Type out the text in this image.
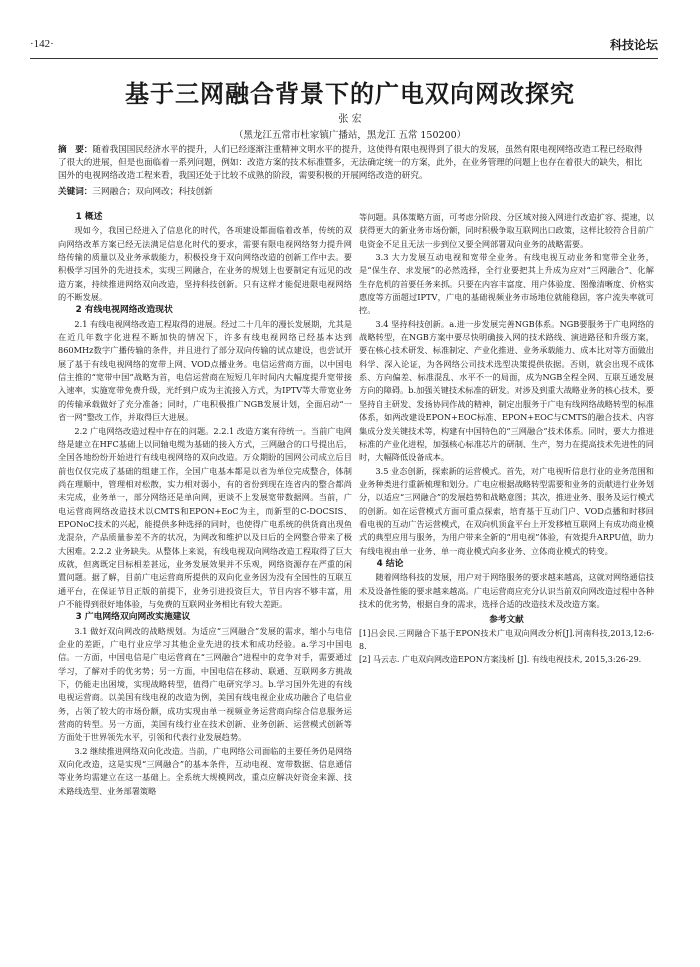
·142·	科技论坛
基于三网融合背景下的广电双向网改探究
张 宏
（黑龙江五常市杜家镇广播站，黑龙江 五常 150200）
摘　要：随着我国国民经济水平的提升，人们已经逐渐注重精神文明水平的提升，这使得有限电视得到了很大的发展，虽然有限电视网络改造工程已经取得了很大的进展，但是也面临着一系列问题，例如：改造方案的技术标准暨多，无法确定统一的方案，此外，在业务管理的问题上也存在着很大的缺失，相比国外的电视网络改造工程来看，我国还处于比较不成熟的阶段，需要积极的开展网络改造的研究。
关键词：三网融合；双向网改；科技创新
1 概述

现如今，我国已经进入了信息化的时代，各项建设都面临着改革，传统的双向网络改革方案已经无法满足信息化时代的要求，需要有限电视网络努力提升网络传输的质量以及业务承载能力，积极投身于双向网络改造的创新工作中去。要积极学习国外的先进技术，实现三网融合，在业务的规划上也要制定有远见的改造方案，持续推进网络双向改造，坚持科技创新。只有这样才能促进限电视网络的不断发展。

2 有线电视网络改造现状

2.1 有线电视网络改造工程取得的进展。经过二十几年的漫长发展期，尤其是在近几年数字化进程不断加快的情况下，许多有线电视网络已经基本达到860MHz数字广播传输的条件，并且进行了部分双向传输的试点建设，也尝试开展了基于有线电视网络的宽带上网、VOD点播业务。电信运营商方面，以中国电信主推的“宽带中国”战略为首，电信运营商在短短几年时间内大幅度提升宽带接入速率，实施宽带免费升级，光纤到户成为主流接入方式，为IPTV等大带宽业务的传输承载做好了充分准备；同时，广电积极推广NGB发展计划，全面启动“一省一网”整改工作，并取得巨大进展。

2.2 广电网络改造过程中存在的问题。2.2.1 改造方案有待统一。当前广电网络是建立在HFC基础上以同轴电缆为基础的接入方式，三网融合的口号提出后，全国各地纷纷开始进行有线电视网络的双向改造。万众期盼的国网公司成立后目前也仅仅完成了基础的组建工作，全国广电基本都是以省为单位完成整合，体制尚在理顺中，管理相对松散，实力相对弱小，有的省份到现在连省内的整合都尚未完成，业务单一，部分网络还是单向网，更谈不上发展宽带数据网。当前，广电运营商网络改造技术以CMTS和EPON+EoC为主，而新型的C-DOCSIS、EPONoC技术的兴起，能提供多种选择的同时，也使得广电系统的供货商出现鱼龙混杂，产品质量参差不齐的状况，为网改和维护以及日后的全网整合带来了极大困难。2.2.2 业务缺失。从整体上来说，有线电视双向网络改造工程取得了巨大成就，但离既定目标相差甚远，业务发展效果并不乐观，网络资源存在严重的闲置问题。据了解，目前广电运营商所提供的双向化业务因为没有全国性的互联互通平台，在保证节目正版的前提下，业务引进投资巨大，节目内容不够丰富，用户不能得到很好地体验，与免费的互联网业务相比有较大差距。

3 广电网络双向网改实施建议

3.1 做好双向网改的战略规划。为适应“三网融合”发展的需求，缩小与电信企业的差距，广电行业应学习其他企业先进的技术和成功经验。a.学习中国电信。一方面，中国电信是广电运营商在“三网融合”进程中的竞争对手，需要通过学习，了解对手的优劣势；另一方面，中国电信在移动、联通、互联网多方挑战下，仍能走出困境，实现战略转型，值得广电研究学习。b.学习国外先进的有线电视运营商。以美国有线电视的改造为例，美国有线电视企业成功融合了电信业务，占领了较大的市场份额，成功实现由单一视频业务运营商向综合信息服务运营商的转型。另一方面，美国有线行业在技术创新、业务创新、运营模式创新等方面处于世界领先水平，引领和代表行业发展趋势。

3.2 继续推进网络双向化改造。当前，广电网络公司面临的主要任务仍是网络双向化改造，这是实现“三网融合”的基本条件，互动电视、宽带数据、信息通信等业务均需建立在这一基础上。全系统大规模网改，重点应解决好资金来源、技术路线选型、业务部署策略

等问题。具体策略方面，可考虑分阶段、分区域对接入网进行改造扩容、提速，以获得更大的新业务市场份额，同时积极争取互联网出口政策，这样比较符合目前广电资金不足且无法一步到位又要全网部署双向业务的战略需要。

3.3 大力发展互动电视和宽带全业务。有线电视互动业务和宽带全业务，是“保生存、求发展”的必然选择，全行业要把其上升成为应对“三网融合”、化解生存危机的首要任务来抓。只要在内容丰富度、用户体验度、图像清晰度、价格实惠度等方面超过IPTV，广电的基础视频业务市场地位就能稳固，客户流失率就可控。

3.4 坚持科技创新。a.进一步发展完善NGB体系。NGB要服务于广电网络的战略转型，在NGB方案中要尽快明确接入网的技术路线、演进路径和升级方案，要在核心技术研发、标准制定、产业化推进、业务承载能力、成本比对等方面做出科学、深入论证，为各网络公司技术选型决策提供依据。否则，就会出现不成体系、方向偏差、标准混乱、水平不一的局面，成为NGB全程全网、互联互通发展方向的障碍。b.加强关键技术标准的研发。对涉及到重大战略业务的核心技术，要坚持自主研发、发扬协同作战的精神，制定出服务于广电有线网络战略转型的标准体系，如两改建设EPON+EOC标准、EPON+EOC与CMTS的融合技术、内容集成分发关键技术等，构建有中国特色的“三网融合”技术体系。同时，要大力推进标准的产业化进程，加强核心标准芯片的研制、生产，努力在提高技术先进性的同时，大幅降低设备成本。

3.5 业态创新，探索新的运营模式。首先，对广电视听信息行业的业务范围和业务种类进行重新梳理和划分。广电应根据战略转型需要和业务的贡献进行业务划分，以适应“三网融合”的发展趋势和战略意图；其次，推进业务、服务及运行模式的创新。如在运营模式方面可重点探索，培育基于互动门户、VOD点播和时移回看电视的互动广告运营模式，在双向机顶盒平台上开发移植互联网上有成功商业模式的典型应用与服务，为用户带来全新的“用电视”体验，有效提升ARPU值，助力有线电视由单一业务、单一商业模式向多业务、立体商业模式的转变。

4 结论

随着网络科技的发展，用户对于网络服务的要求越来越高，这就对网络通信技术及设备性能的要求越来越高。广电运营商应充分认识当前双向网改造过程中各种技术的优劣势，根据自身的需求，选择合适的改造技术及改造方案。

参考文献
[1]吕会民.三网融合下基于EPON技术广电双向网改分析[J].河南科技,2013,12:6-8.
[2] 马云志. 广电双向网改造EPON方案浅析 [J]. 有线电视技术, 2015,3:26-29.
